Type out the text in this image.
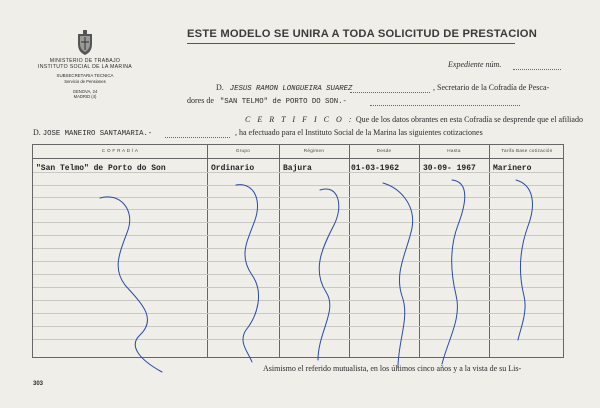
MINISTERIO DE TRABAJO
INSTITUTO SOCIAL DE LA MARINA
SUBSECRETARIA TECNICA
Servicio de Pensiones
GENOVA, 24
MADRID (4)
ESTE MODELO SE UNIRA A TODA SOLICITUD DE PRESTACION
Expediente núm.
D. JESUS RAMON LONGUEIRA SUAREZ	, Secretario de la Cofradía de Pesca-
dores de "SAN TELMO" de PORTO DO SON.-
C E R T I F I C O : Que de los datos obrantes en esta Cofradía se desprende que el afiliado
D. JOSE MANEIRO SANTAMARIA.-	, ha efectuado para el Instituto Social de la Marina las siguientes cotizaciones
C O F R A D Í A	Grupo	Régimen	Desde	Hasta	Tarifa Base cotización
"San Telmo" de Porto do Son	Ordinario	Bajura	01-03-1962	30-09- 1967 Marinero
Asimismo el referido mutualista, en los últimos cinco años y a la vista de su Lis-
303
